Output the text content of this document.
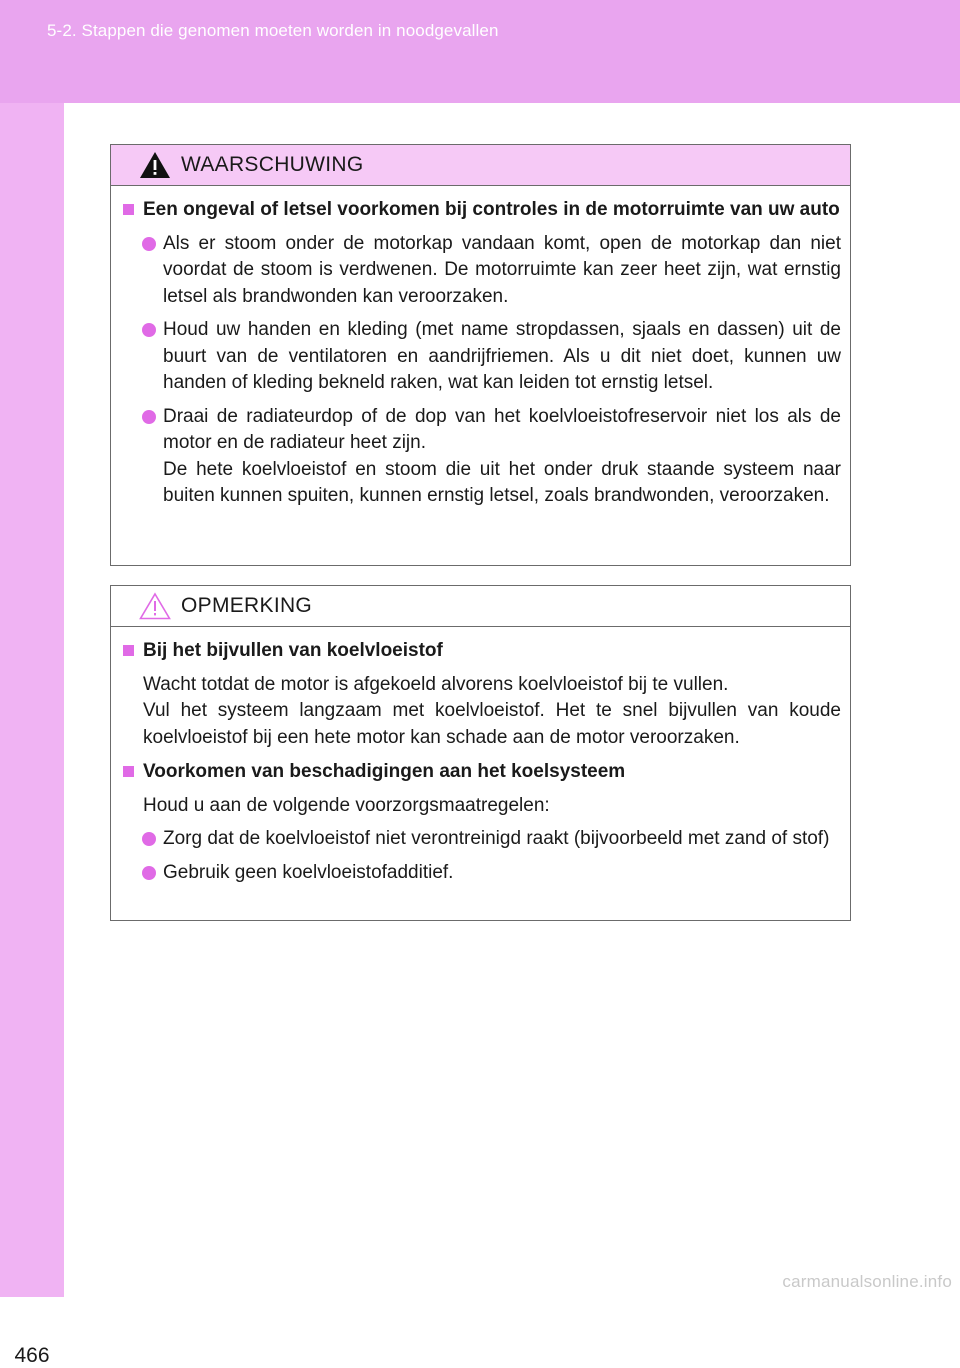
5-2. Stappen die genomen moeten worden in noodgevallen
466
WAARSCHUWING
Een ongeval of letsel voorkomen bij controles in de motorruimte van uw auto
Als er stoom onder de motorkap vandaan komt, open de motorkap dan niet voordat de stoom is verdwenen. De motorruimte kan zeer heet zijn, wat ernstig letsel als brandwonden kan veroorzaken.
Houd uw handen en kleding (met name stropdassen, sjaals en dassen) uit de buurt van de ventilatoren en aandrijfriemen. Als u dit niet doet, kunnen uw handen of kleding bekneld raken, wat kan leiden tot ernstig letsel.
Draai de radiateurdop of de dop van het koelvloeistofreservoir niet los als de motor en de radiateur heet zijn.
De hete koelvloeistof en stoom die uit het onder druk staande systeem naar buiten kunnen spuiten, kunnen ernstig letsel, zoals brandwonden, veroorzaken.
OPMERKING
Bij het bijvullen van koelvloeistof

Wacht totdat de motor is afgekoeld alvorens koelvloeistof bij te vullen.

Vul het systeem langzaam met koelvloeistof. Het te snel bijvullen van koude koelvloeistof bij een hete motor kan schade aan de motor veroorzaken.

Voorkomen van beschadigingen aan het koelsysteem

Houd u aan de volgende voorzorgsmaatregelen:

Zorg dat de koelvloeistof niet verontreinigd raakt (bijvoorbeeld met zand of stof)
Gebruik geen koelvloeistofadditief.
carmanualsonline.info
